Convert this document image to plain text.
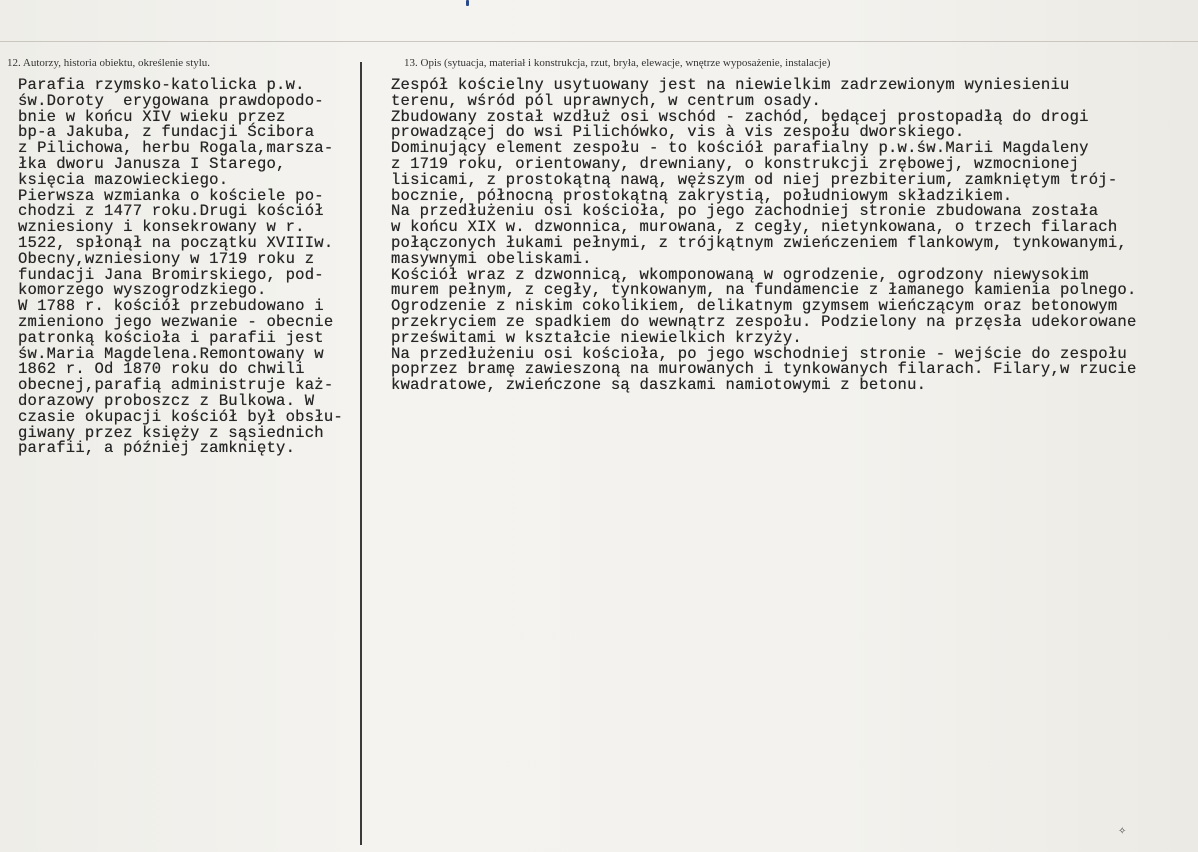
12. Autorzy, historia obiektu, określenie stylu.	13. Opis (sytuacja, materiał i konstrukcja, rzut, bryła, elewacje, wnętrze wyposażenie, instalacje)
Parafia rzymsko-katolicka p.w.
św.Doroty  erygowana prawdopodo-
bnie w końcu XIV wieku przez
bp-a Jakuba, z fundacji Ścibora
z Pilichowa, herbu Rogala,marsza-
łka dworu Janusza I Starego,
księcia mazowieckiego.
Pierwsza wzmianka o kościele po-
chodzi z 1477 roku.Drugi kościół
wzniesiony i konsekrowany w r.
1522, spłonął na początku XVIIIw.
Obecny,wzniesiony w 1719 roku z
fundacji Jana Bromirskiego, pod-
komorzego wyszogrodzkiego.
W 1788 r. kościół przebudowano i
zmieniono jego wezwanie - obecnie
patronką kościoła i parafii jest
św.Maria Magdelena.Remontowany w
1862 r. Od 1870 roku do chwili
obecnej,parafią administruje każ-
dorazowy proboszcz z Bulkowa. W
czasie okupacji kościół był obsłu-
giwany przez księży z sąsiednich
parafii, a później zamknięty.
Zespół kościelny usytuowany jest na niewielkim zadrzewionym wyniesieniu
terenu, wśród pól uprawnych, w centrum osady.
Zbudowany został wzdłuż osi wschód - zachód, będącej prostopadłą do drogi
prowadzącej do wsi Pilichówko, vis à vis zespołu dworskiego.
Dominujący element zespołu - to kościół parafialny p.w.św.Marii Magdaleny
z 1719 roku, orientowany, drewniany, o konstrukcji zrębowej, wzmocnionej
lisicami, z prostokątną nawą, węższym od niej prezbiterium, zamkniętym trój-
bocznie, północną prostokątną zakrystią, południowym składzikiem.
Na przedłużeniu osi kościoła, po jego zachodniej stronie zbudowana została
w końcu XIX w. dzwonnica, murowana, z cegły, nietynkowana, o trzech filarach
połączonych łukami pełnymi, z trójkątnym zwieńczeniem flankowym, tynkowanymi,
masywnymi obeliskami.
Kościół wraz z dzwonnicą, wkomponowaną w ogrodzenie, ogrodzony niewysokim
murem pełnym, z cegły, tynkowanym, na fundamencie z łamanego kamienia polnego.
Ogrodzenie z niskim cokolikiem, delikatnym gzymsem wieńczącym oraz betonowym
przekryciem ze spadkiem do wewnątrz zespołu. Podzielony na przęsła udekorowane
prześwitami w kształcie niewielkich krzyży.
Na przedłużeniu osi kościoła, po jego wschodniej stronie - wejście do zespołu
poprzez bramę zawieszoną na murowanych i tynkowanych filarach. Filary,w rzucie
kwadratowe, zwieńczone są daszkami namiotowymi z betonu.
✧
